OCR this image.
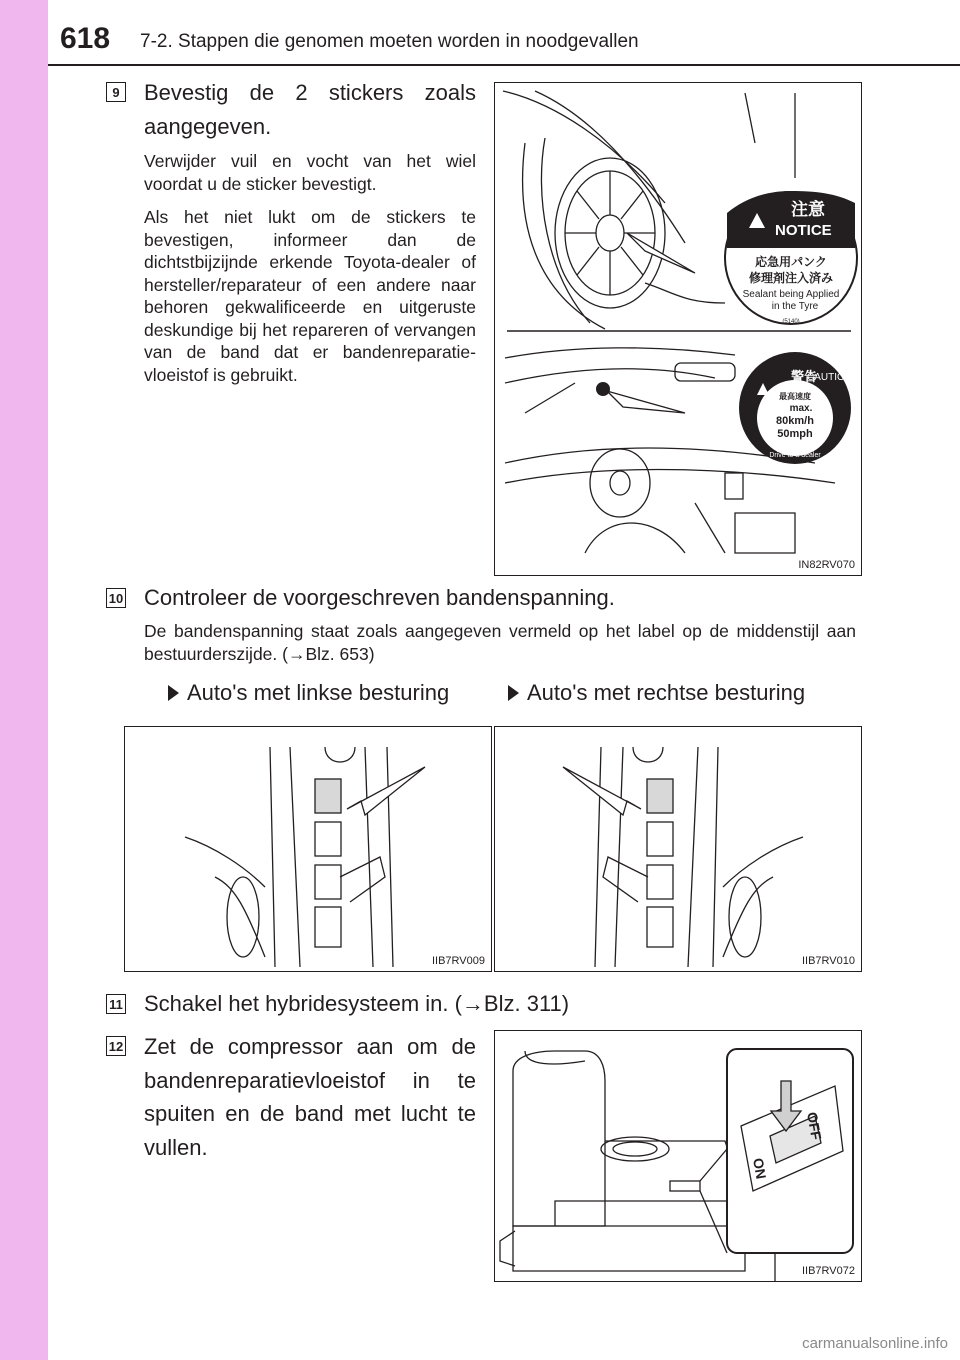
618 7-2. Stappen die genomen moeten worden in noodgevallen
9 Bevestig de 2 stickers zoals
aangegeven.
Verwijder vuil en vocht van het wiel voordat u de sticker bevestigt.
Als het niet lukt om de stickers te bevestigen, informeer dan de dichtstbijzijnde erkende Toyota-dealer of hersteller/reparateur of een andere naar behoren gekwalificeerde en uitgeruste deskundige bij het repareren of vervangen van de band dat er bandenreparatie-vloeistof is gebruikt.
注意
NOTICE
応急用パンク
修理剤注入済み
Sealant being Applied
in the Tyre
(5140)
警告
CAUTION
最高速度
max.
80km/h
50mph
Drive to a dealer
IN82RV070
10 Controleer de voorgeschreven bandenspanning.
De bandenspanning staat zoals aangegeven vermeld op het label op de middenstijl aan bestuurderszijde. (→Blz. 653)
Auto's met linkse besturing	Auto's met rechtse besturing
IIB7RV009	IIB7RV010
11 Schakel het hybridesysteem in. (→Blz. 311)
12 Zet de compressor aan om de bandenreparatievloeistof in te spuiten en de band met lucht te vullen.
OFF
ON
IIB7RV072
carmanualsonline.info
